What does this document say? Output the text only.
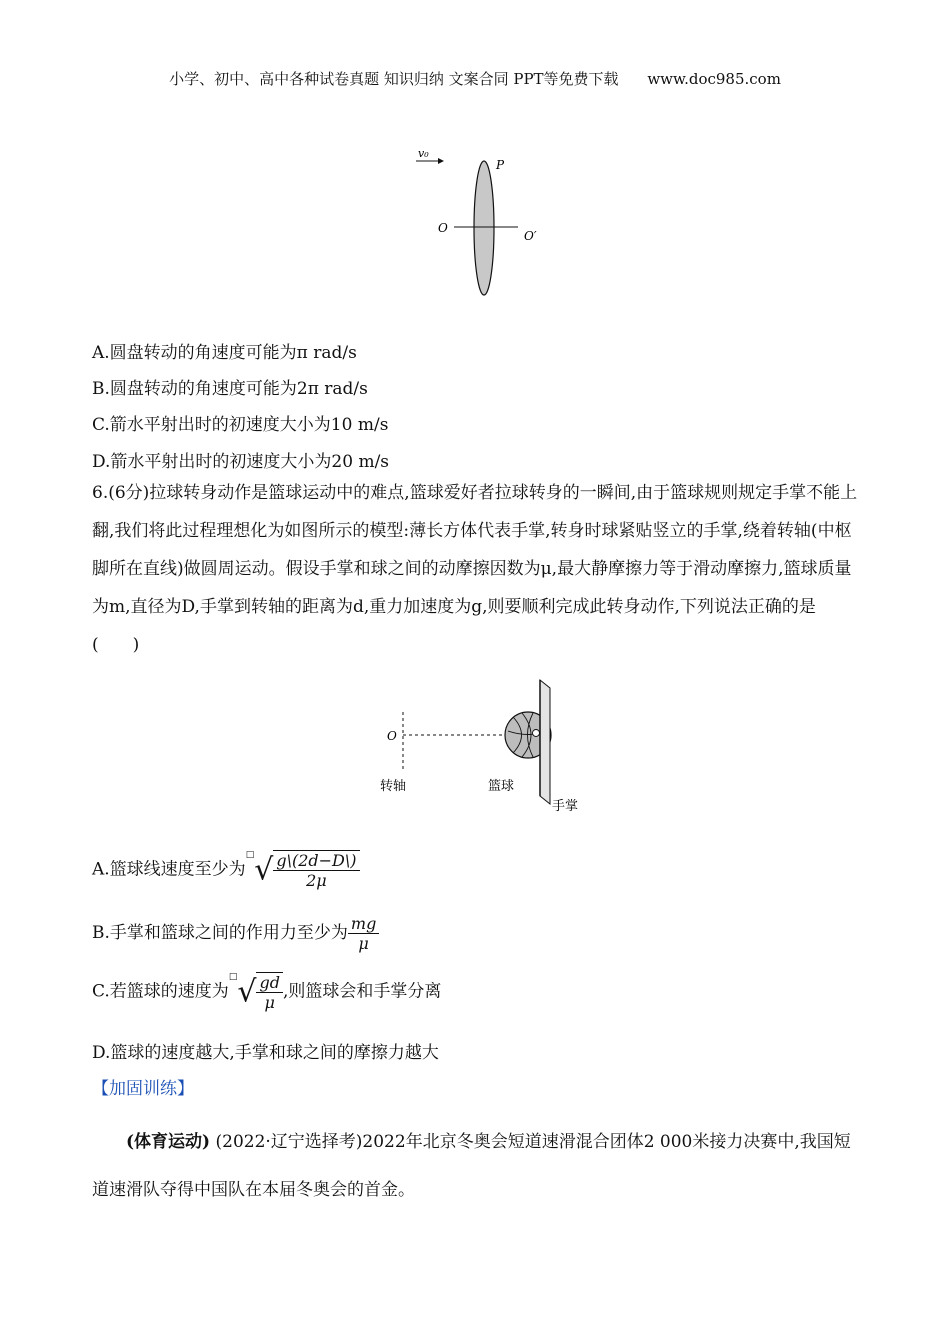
小学、初中、高中各种试卷真题 知识归纳 文案合同 PPT等免费下载 www.doc985.com
v₀
P
O
O′
A.圆盘转动的角速度可能为π rad/s
B.圆盘转动的角速度可能为2π rad/s
C.箭水平射出时的初速度大小为10 m/s
D.箭水平射出时的初速度大小为20 m/s
6.(6分)拉球转身动作是篮球运动中的难点,篮球爱好者拉球转身的一瞬间,由于篮球规则规定手掌不能上翻,我们将此过程理想化为如图所示的模型:薄长方体代表手掌,转身时球紧贴竖立的手掌,绕着转轴(中枢脚所在直线)做圆周运动。假设手掌和球之间的动摩擦因数为μ,最大静摩擦力等于滑动摩擦力,篮球质量为m,直径为D,手掌到转轴的距离为d,重力加速度为g,则要顺利完成此转身动作,下列说法正确的是(　　)
O
转轴	篮球
手掌
A.篮球线速度至少为$^□√ \frac{g\backslash(2d-D\backslash)}{2\mu}$
B.手掌和篮球之间的作用力至少为 $\frac{mg}{\mu}$
C.若篮球的速度为$^□√ \frac{gd}{\mu}$ ,则篮球会和手掌分离
D.篮球的速度越大,手掌和球之间的摩擦力越大
【加固训练】
(体育运动) (2022·辽宁选择考)2022年北京冬奥会短道速滑混合团体2 000米接力决赛中,我国短道速滑队夺得中国队在本届冬奥会的首金。
